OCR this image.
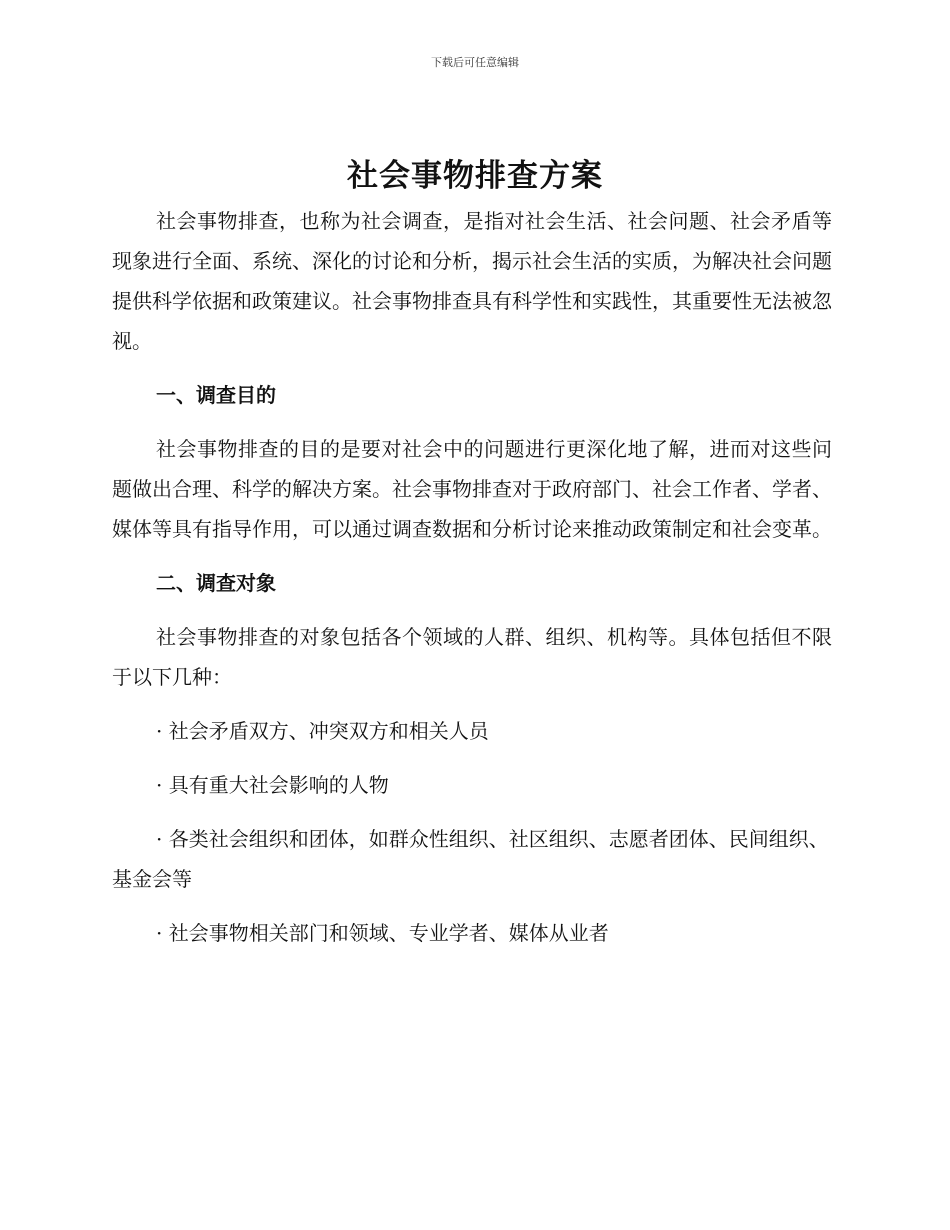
下载后可任意编辑
社会事物排查方案

社会事物排查，也称为社会调查，是指对社会生活、社会问题、社会矛盾等现象进行全面、系统、深化的讨论和分析，揭示社会生活的实质，为解决社会问题提供科学依据和政策建议。社会事物排查具有科学性和实践性，其重要性无法被忽视。

一、调查目的

社会事物排查的目的是要对社会中的问题进行更深化地了解，进而对这些问题做出合理、科学的解决方案。社会事物排查对于政府部门、社会工作者、学者、媒体等具有指导作用，可以通过调查数据和分析讨论来推动政策制定和社会变革。

二、调查对象

社会事物排查的对象包括各个领域的人群、组织、机构等。具体包括但不限于以下几种：

· 社会矛盾双方、冲突双方和相关人员

· 具有重大社会影响的人物

· 各类社会组织和团体，如群众性组织、社区组织、志愿者团体、民间组织、基金会等

· 社会事物相关部门和领域、专业学者、媒体从业者
